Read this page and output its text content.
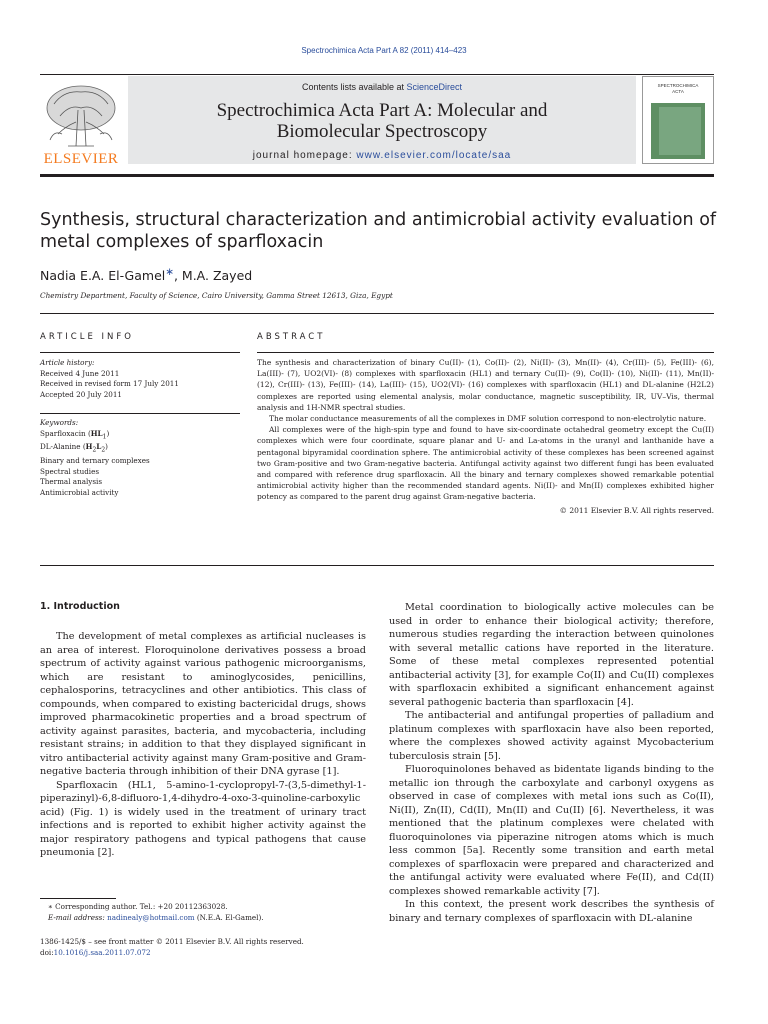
Spectrochimica Acta Part A 82 (2011) 414–423
ELSEVIER
Contents lists available at ScienceDirect
Spectrochimica Acta Part A: Molecular and
Biomolecular Spectroscopy
journal homepage: www.elsevier.com/locate/saa
SPECTROCHIMICA
ACTA
Synthesis, structural characterization and antimicrobial activity evaluation of
metal complexes of sparfloxacin
Nadia E.A. El-Gamel∗, M.A. Zayed
Chemistry Department, Faculty of Science, Cairo University, Gamma Street 12613, Giza, Egypt
ARTICLE INFO	ABSTRACT
Article history:
Received 4 June 2011
Received in revised form 17 July 2011
Accepted 20 July 2011
Keywords:
Sparfloxacin $(HL_1)$
DL-Alanine $(H_2L_2)$
Binary and ternary complexes
Spectral studies
Thermal analysis
Antimicrobial activity

The synthesis and characterization of binary Cu(II)- (1), Co(II)- (2), Ni(II)- (3), Mn(II)- (4), Cr(III)- (5), Fe(III)- (6), La(III)- (7), UO2(VI)- (8) complexes with sparfloxacin (HL1) and ternary Cu(II)- (9), Co(II)- (10), Ni(II)- (11), Mn(II)- (12), Cr(III)- (13), Fe(III)- (14), La(III)- (15), UO2(VI)- (16) complexes with sparfloxacin (HL1) and DL-alanine (H2L2) complexes are reported using elemental analysis, molar conductance, magnetic susceptibility, IR, UV–Vis, thermal analysis and 1H-NMR spectral studies.

The molar conductance measurements of all the complexes in DMF solution correspond to non-electrolytic nature.

All complexes were of the high-spin type and found to have six-coordinate octahedral geometry except the Cu(II) complexes which were four coordinate, square planar and U- and La-atoms in the uranyl and lanthanide have a pentagonal bipyramidal coordination sphere. The antimicrobial activity of these complexes has been screened against two Gram-positive and two Gram-negative bacteria. Antifungal activity against two different fungi has been evaluated and compared with reference drug sparfloxacin. All the binary and ternary complexes showed remarkable potential antimicrobial activity higher than the recommended standard agents. Ni(II)- and Mn(II) complexes exhibited higher potency as compared to the parent drug against Gram-negative bacteria.

© 2011 Elsevier B.V. All rights reserved.
1. Introduction

The development of metal complexes as artificial nucleases is an area of interest. Floroquinolone derivatives possess a broad spectrum of activity against various pathogenic microorganisms, which are resistant to aminoglycosides, penicillins, cephalosporins, tetracyclines and other antibiotics. This class of compounds, when compared to existing bactericidal drugs, shows improved pharmacokinetic properties and a broad spectrum of activity against parasites, bacteria, and mycobacteria, including resistant strains; in addition to that they displayed significant in vitro antibacterial activity against many Gram-positive and Gram-negative bacteria through inhibition of their DNA gyrase [1].

Sparfloxacin (HL1, 5-amino-1-cyclopropyl-7-(3,5-dimethyl-1-piperazinyl)-6,8-difluoro-1,4-dihydro-4-oxo-3-quinoline-carboxylic acid) (Fig. 1) is widely used in the treatment of urinary tract infections and is reported to exhibit higher activity against the major respiratory pathogens and typical pathogens that cause pneumonia [2].

Metal coordination to biologically active molecules can be used in order to enhance their biological activity; therefore, numerous studies regarding the interaction between quinolones with several metallic cations have reported in the literature. Some of these metal complexes represented potential antibacterial activity [3], for example Co(II) and Cu(II) complexes with sparfloxacin exhibited a significant enhancement against several pathogenic bacteria than sparfloxacin [4].

The antibacterial and antifungal properties of palladium and platinum complexes with sparfloxacin have also been reported, where the complexes showed activity against Mycobacterium tuberculosis strain [5].

Fluoroquinolones behaved as bidentate ligands binding to the metallic ion through the carboxylate and carbonyl oxygens as observed in case of complexes with metal ions such as Co(II), Ni(II), Zn(II), Cd(II), Mn(II) and Cu(II) [6]. Nevertheless, it was mentioned that the platinum complexes were chelated with fluoroquinolones via piperazine nitrogen atoms which is much less common [5a]. Recently some transition and earth metal complexes of sparfloxacin were prepared and characterized and the antifungal activity were evaluated where Fe(II), and Cd(II) complexes showed remarkable activity [7].

In this context, the present work describes the synthesis of binary and ternary complexes of sparfloxacin with DL-alanine

∗ Corresponding author. Tel.: +20 20112363028.
E-mail address: nadinealy@hotmail.com (N.E.A. El-Gamel).
1386-1425/$ – see front matter © 2011 Elsevier B.V. All rights reserved.
doi:10.1016/j.saa.2011.07.072
